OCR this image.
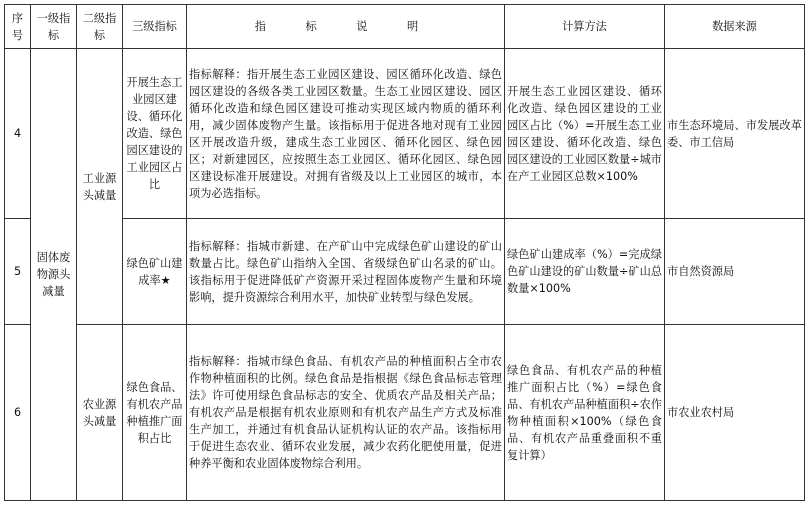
序号	一级指标	二级指标	三级指标	指 标 说 明	计算方法	数据来源
4	固体废物源头减量	工业源头减量	开展生态工业园区建设、循环化改造、绿色园区建设的工业园区占比	指标解释：指开展生态工业园区建设、园区循环化改造、绿色园区建设的各级各类工业园区数量。生态工业园区建设、园区循环化改造和绿色园区建设可推动实现区域内物质的循环利用，减少固体废物产生量。该指标用于促进各地对现有工业园区开展改造升级，建成生态工业园区、循环化园区、绿色园区；对新建园区，应按照生态工业园区、循环化园区、绿色园区建设标准开展建设。对拥有省级及以上工业园区的城市，本项为必选指标。	开展生态工业园区建设、循环化改造、绿色园区建设的工业园区占比（%）=开展生态工业园区建设、循环化改造、绿色园区建设的工业园区数量÷城市在产工业园区总数×100%	市生态环境局、市发展改革委、市工信局
5			绿色矿山建成率★	指标解释：指城市新建、在产矿山中完成绿色矿山建设的矿山数量占比。绿色矿山指纳入全国、省级绿色矿山名录的矿山。该指标用于促进降低矿产资源开采过程固体废物产生量和环境影响，提升资源综合利用水平，加快矿业转型与绿色发展。	绿色矿山建成率（%）=完成绿色矿山建设的矿山数量÷矿山总数量×100%	市自然资源局
6		农业源头减量	绿色食品、有机农产品种植推广面积占比	指标解释：指城市绿色食品、有机农产品的种植面积占全市农作物种植面积的比例。绿色食品是指根据《绿色食品标志管理法》许可使用绿色食品标志的安全、优质农产品及相关产品；有机农产品是根据有机农业原则和有机农产品生产方式及标准生产加工，并通过有机食品认证机构认证的农产品。该指标用于促进生态农业、循环农业发展，减少农药化肥使用量，促进种养平衡和农业固体废物综合利用。	绿色食品、有机农产品的种植推广面积占比（%）=绿色食品、有机农产品种植面积÷农作物种植面积×100%（绿色食品、有机农产品重叠面积不重复计算）	市农业农村局
